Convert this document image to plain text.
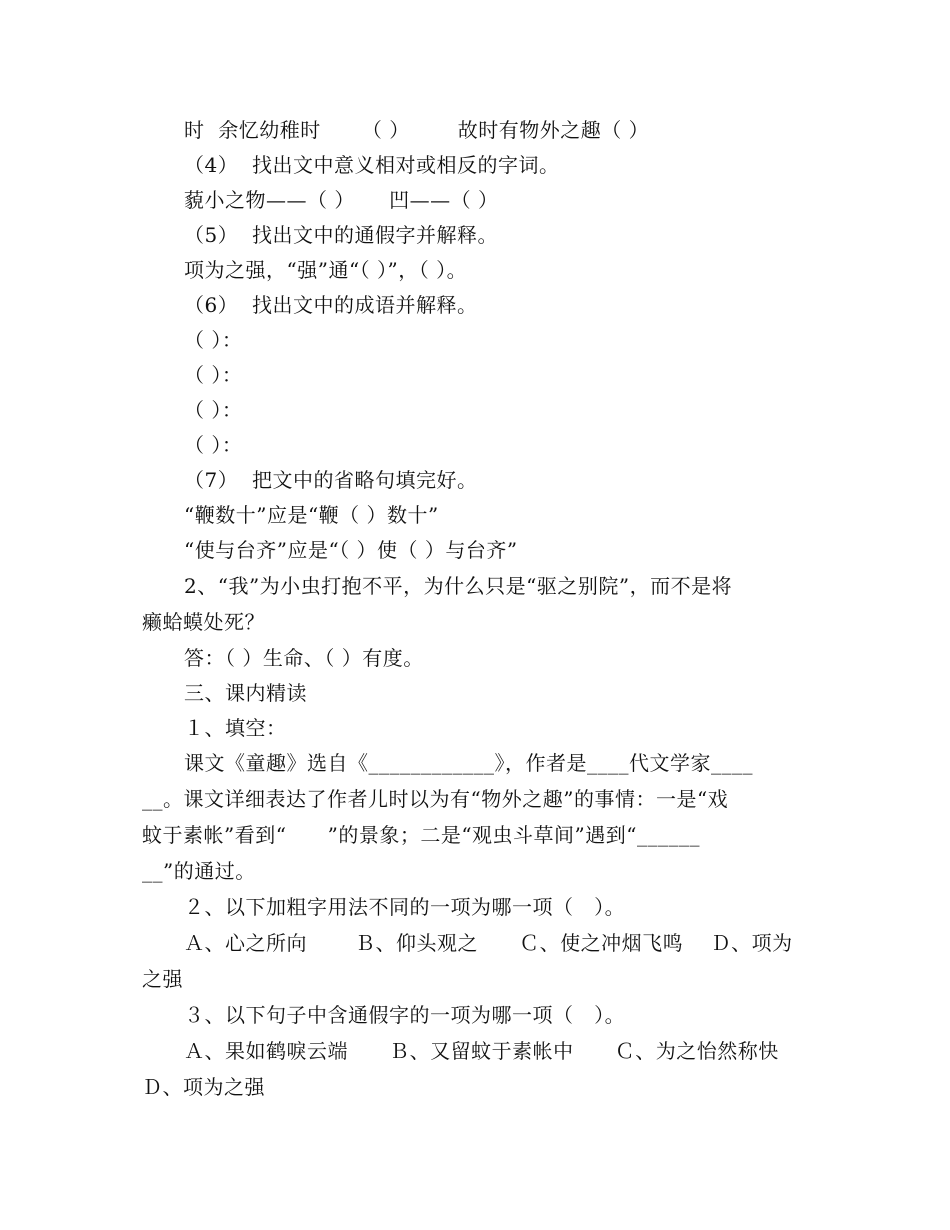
时  余忆幼稚时      （ ）       故时有物外之趣（ ）
（4）  找出文中意义相对或相反的字词。
藐小之物——（ ）     凹——（ ）
（5）  找出文中的通假字并解释。
项为之强，“强”通“（ ）”，（ ）。
（6）  找出文中的成语并解释。
（ ）：
（ ）：
（ ）：
（ ）：
（7）  把文中的省略句填完好。
“鞭数十”应是“鞭（ ）数十”
“使与台齐”应是“（ ）使（ ）与台齐”
2、“我”为小虫打抱不平，为什么只是“驱之别院”，而不是将
癞蛤蟆处死？
答：（ ）生命、（ ）有度。
三、课内精读
１、填空：
课文《童趣》选自《____________》，作者是____代文学家____
__。课文详细表达了作者儿时以为有“物外之趣”的事情：一是“戏
蚊于素帐”看到“      ”的景象；二是“观虫斗草间”遇到“______
__”的通过。
２、以下加粗字用法不同的一项为哪一项（   ）。
Ａ、心之所向       Ｂ、仰头观之      Ｃ、使之冲烟飞鸣    Ｄ、项为
之强
３、以下句子中含通假字的一项为哪一项（   ）。
Ａ、果如鹤唳云端      Ｂ、又留蚊于素帐中      Ｃ、为之怡然称快
Ｄ、项为之强
